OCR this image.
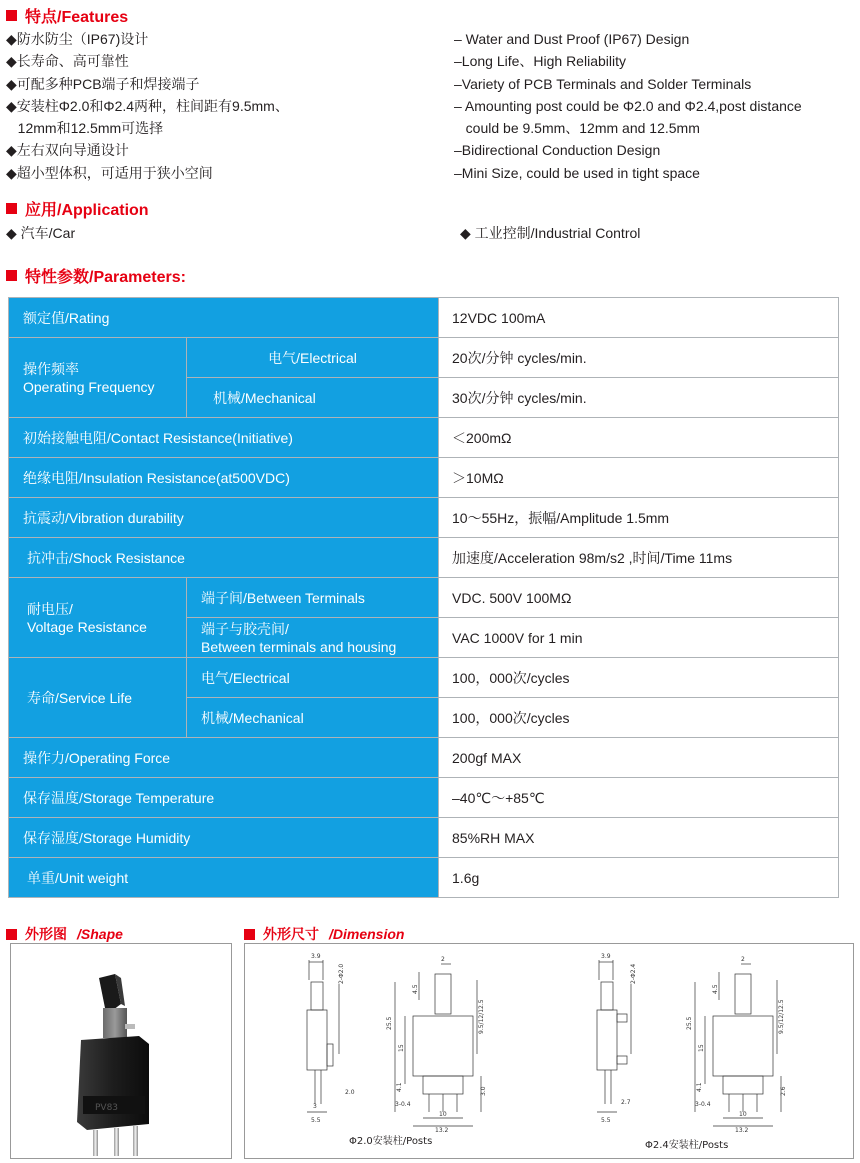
特点/Features
◆防水防尘（IP67)设计
◆长寿命、高可靠性
◆可配多种PCB端子和焊接端子
◆安装柱Φ2.0和Φ2.4两种，柱间距有9.5mm、
12mm和12.5mm可选择
◆左右双向导通设计
◆超小型体积，可适用于狭小空间
– Water and Dust Proof (IP67) Design
–Long Life、High Reliability
–Variety of PCB Terminals and Solder Terminals
– Amounting post could be Φ2.0 and Φ2.4,post distance
could be 9.5mm、12mm and 12.5mm
–Bidirectional Conduction Design
–Mini Size, could be used in tight space
应用/Application
◆ 汽车/Car	◆ 工业控制/Industrial Control
特性参数/Parameters:
额定值/Rating		12VDC 100mA

操作频率
Operating Frequency	电气/Electrical	20次/分钟 cycles/min.
	机械/Mechanical	30次/分钟 cycles/min.
初始接触电阻/Contact Resistance(Initiative)		＜200mΩ
绝缘电阻/Insulation Resistance(at500VDC)		＞10MΩ
抗震动/Vibration durability		10～55Hz，振幅/Amplitude 1.5mm
抗冲击/Shock Resistance		加速度/Acceleration 98m/s2 ,时间/Time 11ms

耐电压/
Voltage Resistance	端子间/Between Terminals	VDC. 500V 100MΩ

	端子与胶壳间/
Between terminals and housing	VAC 1000V for 1 min
寿命/Service Life	电气/Electrical	100，000次/cycles
	机械/Mechanical	100，000次/cycles
操作力/Operating Force		200gf MAX
保存温度/Storage Temperature		–40℃～+85℃
保存湿度/Storage Humidity		85%RH MAX
单重/Unit weight		1.6g
外形图 /Shape
PV83
外形尺寸 /Dimension
3.9
2-Φ2.0
3
2.0
5.5
2
4.5
25.5	9.5/12/12.5
15
4.1	3.0
3-0.4
10
13.2
3.9
2-Φ2.4
2.7
5.5
2
4.5
25.5	9.5/12/12.5
15
4.1	2.6
3-0.4
10
13.2
Φ2.0安装柱/Posts	Φ2.4安装柱/Posts
